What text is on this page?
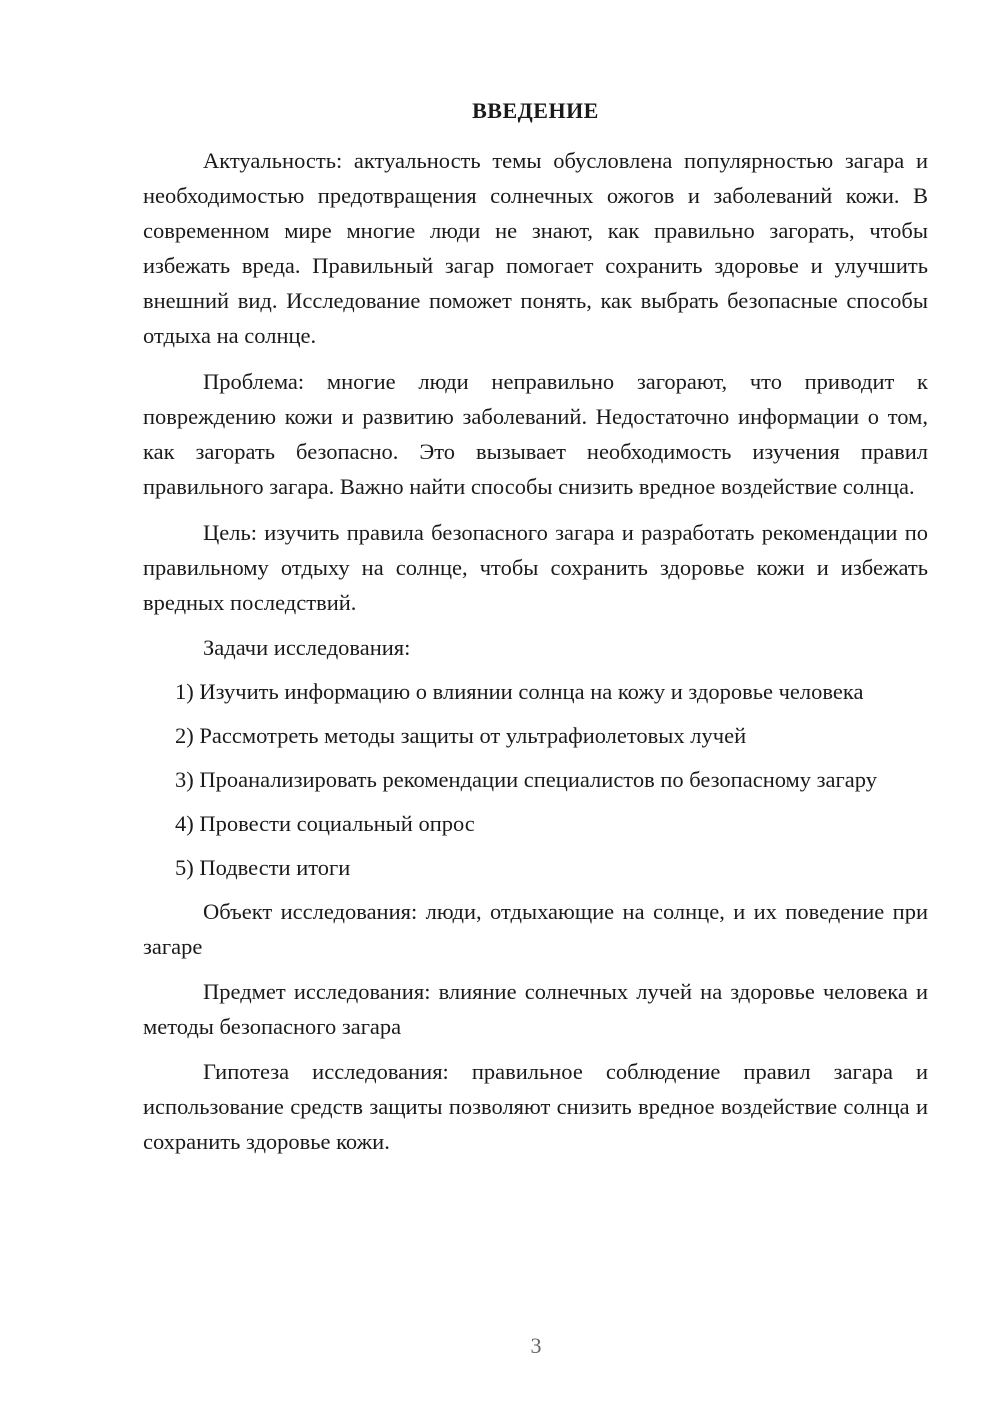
ВВЕДЕНИЕ

Актуальность: актуальность темы обусловлена популярностью загара и необходимостью предотвращения солнечных ожогов и заболеваний кожи. В современном мире многие люди не знают, как правильно загорать, чтобы избежать вреда. Правильный загар помогает сохранить здоровье и улучшить внешний вид. Исследование поможет понять, как выбрать безопасные способы отдыха на солнце.

Проблема: многие люди неправильно загорают, что приводит к повреждению кожи и развитию заболеваний. Недостаточно информации о том, как загорать безопасно. Это вызывает необходимость изучения правил правильного загара. Важно найти способы снизить вредное воздействие солнца.

Цель: изучить правила безопасного загара и разработать рекомендации по правильному отдыху на солнце, чтобы сохранить здоровье кожи и избежать вредных последствий.

Задачи исследования:

1) Изучить информацию о влиянии солнца на кожу и здоровье человека

2) Рассмотреть методы защиты от ультрафиолетовых лучей

3) Проанализировать рекомендации специалистов по безопасному загару

4) Провести социальный опрос

5) Подвести итоги

Объект исследования: люди, отдыхающие на солнце, и их поведение при загаре

Предмет исследования: влияние солнечных лучей на здоровье человека и методы безопасного загара

Гипотеза исследования: правильное соблюдение правил загара и использование средств защиты позволяют снизить вредное воздействие солнца и сохранить здоровье кожи.

3
